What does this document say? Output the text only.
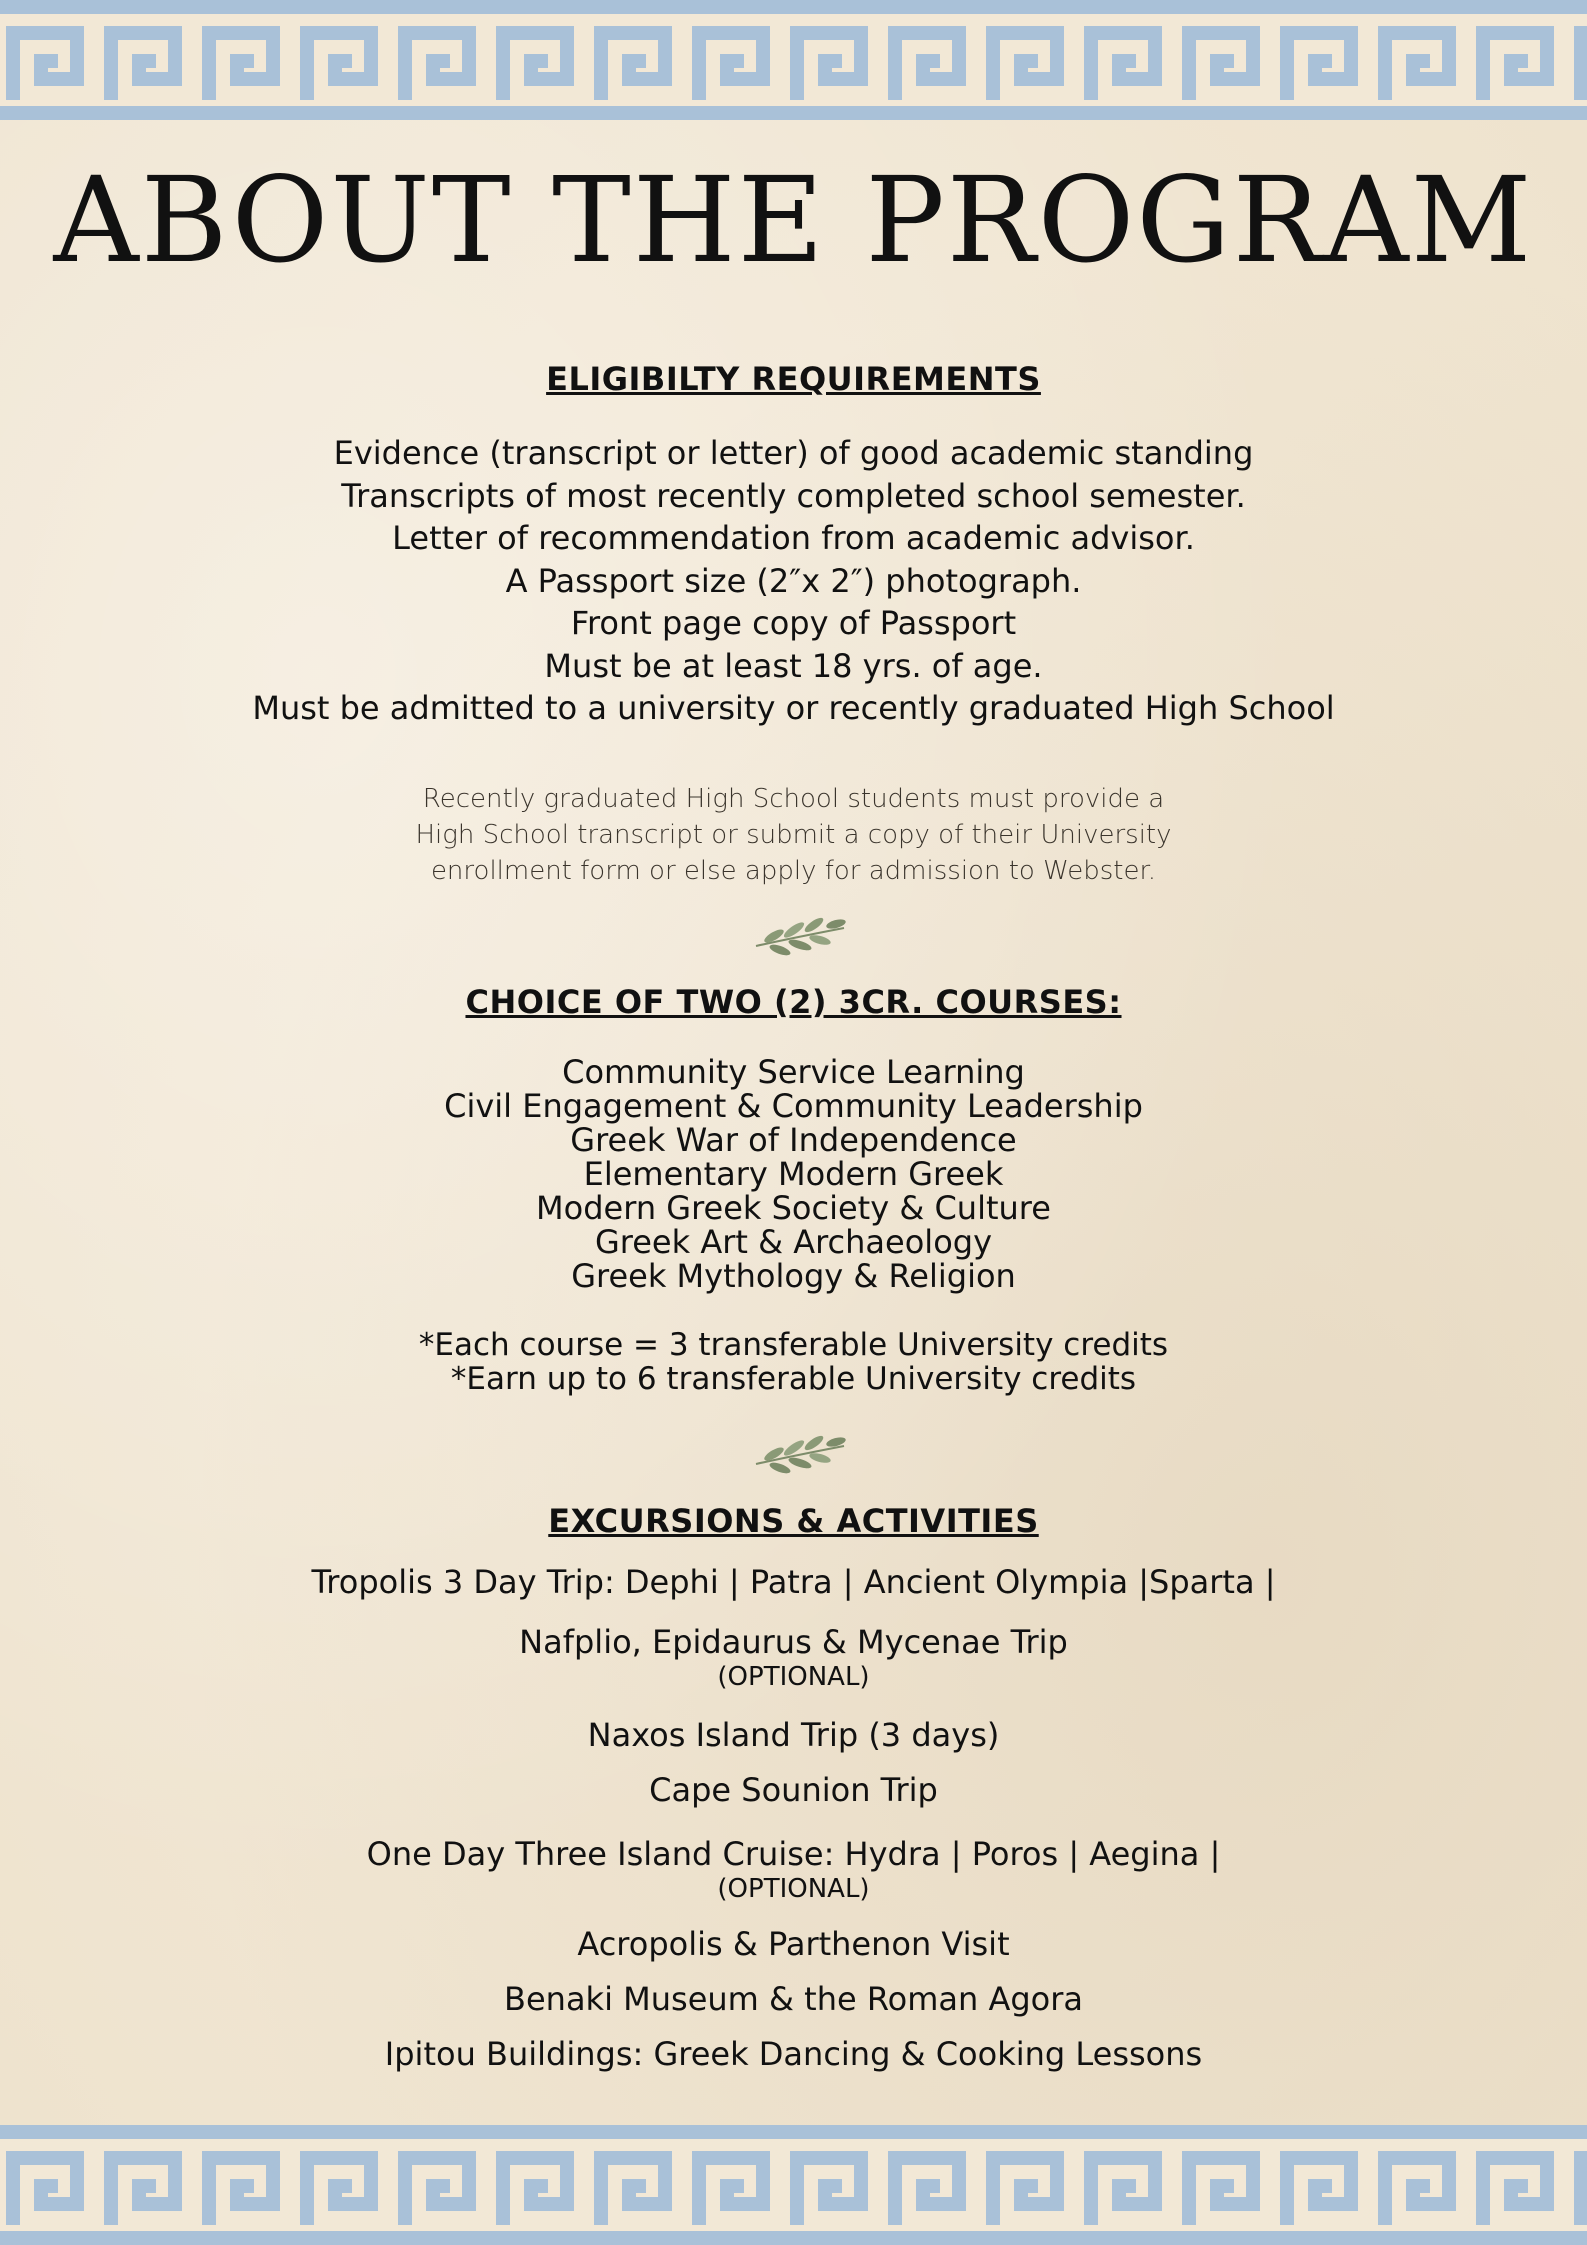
ABOUT THE PROGRAM
ELIGIBILTY REQUIREMENTS
Evidence (transcript or letter) of good academic standing
Transcripts of most recently completed school semester.
Letter of recommendation from academic advisor.
A Passport size (2″x 2″) photograph.
Front page copy of Passport
Must be at least 18 yrs. of age.
Must be admitted to a university or recently graduated High School
Recently graduated High School students must provide a
High School transcript or submit a copy of their University
enrollment form or else apply for admission to Webster.
CHOICE OF TWO (2) 3CR. COURSES:
Community Service Learning
Civil Engagement & Community Leadership
Greek War of Independence
Elementary Modern Greek
Modern Greek Society & Culture
Greek Art & Archaeology
Greek Mythology & Religion
*Each course = 3 transferable University credits
*Earn up to 6 transferable University credits
EXCURSIONS & ACTIVITIES
Tropolis 3 Day Trip: Dephi | Patra | Ancient Olympia |Sparta |
Nafplio, Epidaurus & Mycenae Trip
(OPTIONAL)
Naxos Island Trip (3 days)
Cape Sounion Trip
One Day Three Island Cruise: Hydra | Poros | Aegina |
(OPTIONAL)
Acropolis & Parthenon Visit
Benaki Museum & the Roman Agora
Ipitou Buildings: Greek Dancing & Cooking Lessons
